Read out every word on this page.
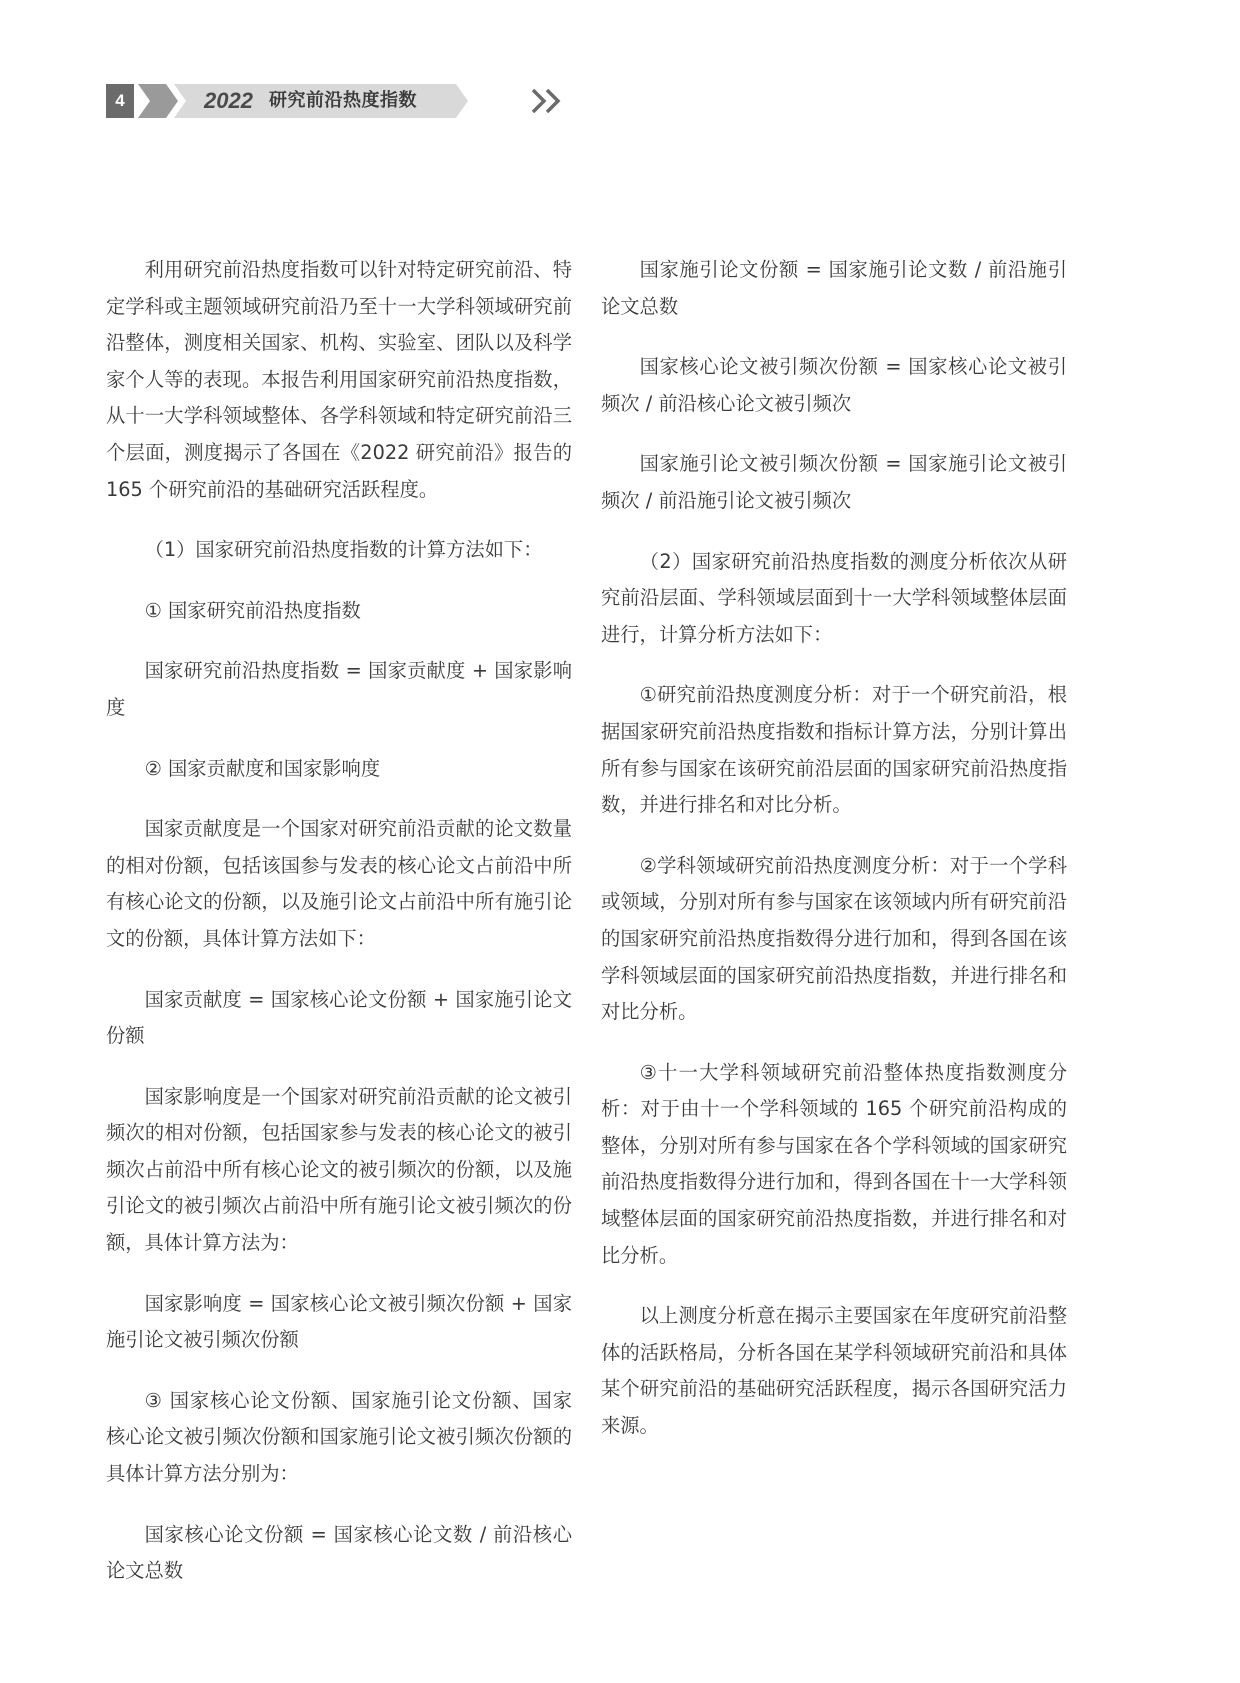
4	2022 研究前沿热度指数

利用研究前沿热度指数可以针对特定研究前沿、特定学科或主题领域研究前沿乃至十一大学科领域研究前沿整体，测度相关国家、机构、实验室、团队以及科学家个人等的表现。本报告利用国家研究前沿热度指数，从十一大学科领域整体、各学科领域和特定研究前沿三个层面，测度揭示了各国在《2022 研究前沿》报告的 165 个研究前沿的基础研究活跃程度。

（1）国家研究前沿热度指数的计算方法如下：

① 国家研究前沿热度指数

国家研究前沿热度指数 = 国家贡献度 + 国家影响度

② 国家贡献度和国家影响度

国家贡献度是一个国家对研究前沿贡献的论文数量的相对份额，包括该国参与发表的核心论文占前沿中所有核心论文的份额，以及施引论文占前沿中所有施引论文的份额，具体计算方法如下：

国家贡献度 = 国家核心论文份额 + 国家施引论文份额

国家影响度是一个国家对研究前沿贡献的论文被引频次的相对份额，包括国家参与发表的核心论文的被引频次占前沿中所有核心论文的被引频次的份额，以及施引论文的被引频次占前沿中所有施引论文被引频次的份额，具体计算方法为：

国家影响度 = 国家核心论文被引频次份额 + 国家施引论文被引频次份额

③ 国家核心论文份额、国家施引论文份额、国家核心论文被引频次份额和国家施引论文被引频次份额的具体计算方法分别为：

国家核心论文份额 = 国家核心论文数 / 前沿核心论文总数

国家施引论文份额 = 国家施引论文数 / 前沿施引论文总数

国家核心论文被引频次份额 = 国家核心论文被引频次 / 前沿核心论文被引频次

国家施引论文被引频次份额 = 国家施引论文被引频次 / 前沿施引论文被引频次

（2）国家研究前沿热度指数的测度分析依次从研究前沿层面、学科领域层面到十一大学科领域整体层面进行，计算分析方法如下：

①研究前沿热度测度分析：对于一个研究前沿，根据国家研究前沿热度指数和指标计算方法，分别计算出所有参与国家在该研究前沿层面的国家研究前沿热度指数，并进行排名和对比分析。

②学科领域研究前沿热度测度分析：对于一个学科或领域，分别对所有参与国家在该领域内所有研究前沿的国家研究前沿热度指数得分进行加和，得到各国在该学科领域层面的国家研究前沿热度指数，并进行排名和对比分析。

③十一大学科领域研究前沿整体热度指数测度分析：对于由十一个学科领域的 165 个研究前沿构成的整体，分别对所有参与国家在各个学科领域的国家研究前沿热度指数得分进行加和，得到各国在十一大学科领域整体层面的国家研究前沿热度指数，并进行排名和对比分析。

以上测度分析意在揭示主要国家在年度研究前沿整体的活跃格局，分析各国在某学科领域研究前沿和具体某个研究前沿的基础研究活跃程度，揭示各国研究活力来源。
